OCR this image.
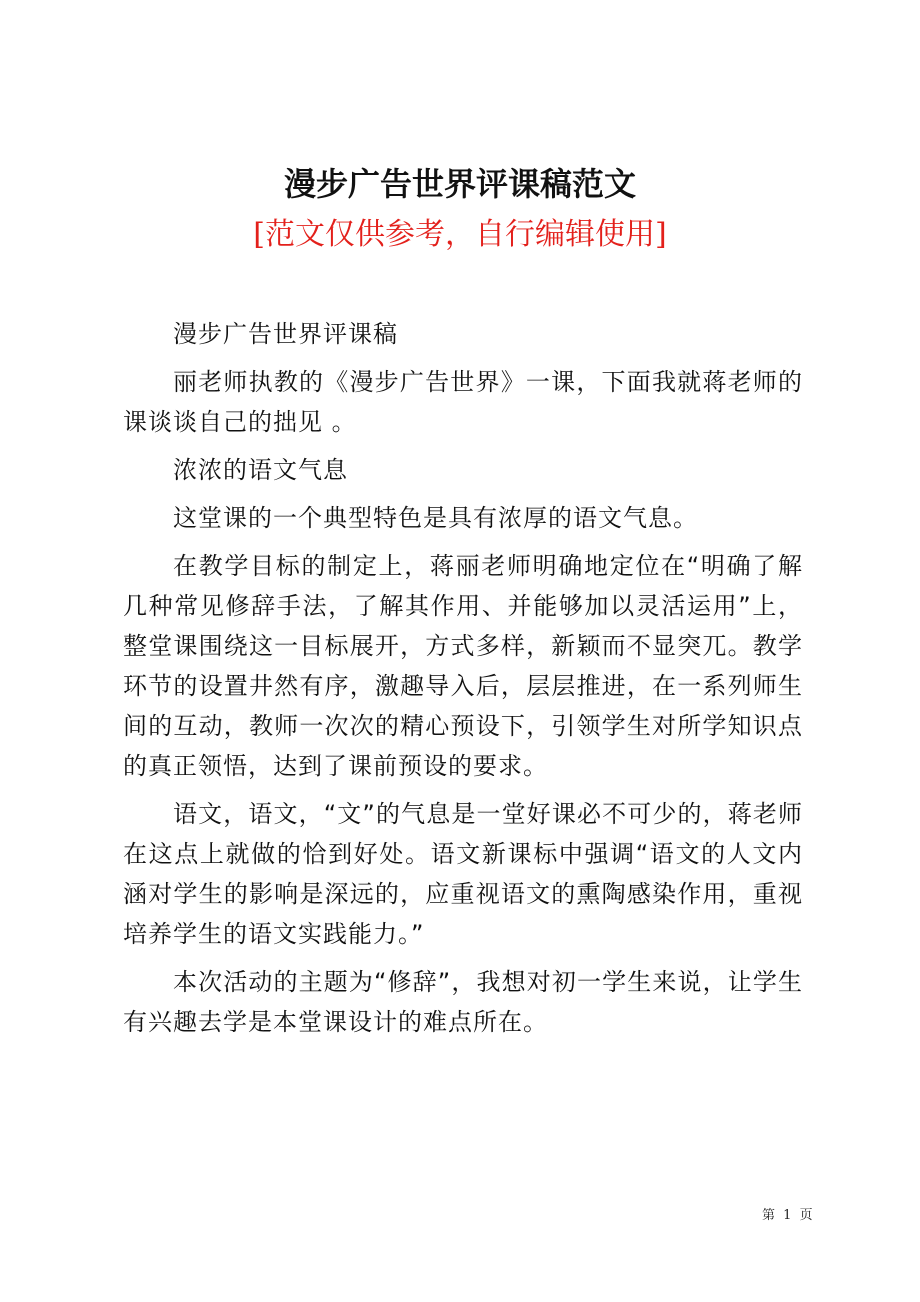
漫步广告世界评课稿范文
[范文仅供参考，自行编辑使用]

漫步广告世界评课稿

丽老师执教的《漫步广告世界》一课，下面我就蒋老师的课谈谈自己的拙见 。

浓浓的语文气息

这堂课的一个典型特色是具有浓厚的语文气息。

在教学目标的制定上，蒋丽老师明确地定位在“明确了解几种常见修辞手法，了解其作用、并能够加以灵活运用”上，整堂课围绕这一目标展开，方式多样，新颖而不显突兀。教学环节的设置井然有序，激趣导入后，层层推进，在一系列师生间的互动，教师一次次的精心预设下，引领学生对所学知识点的真正领悟，达到了课前预设的要求。

语文，语文，“文”的气息是一堂好课必不可少的，蒋老师在这点上就做的恰到好处。语文新课标中强调“语文的人文内涵对学生的影响是深远的，应重视语文的熏陶感染作用，重视培养学生的语文实践能力。”

本次活动的主题为“修辞”，我想对初一学生来说，让学生有兴趣去学是本堂课设计的难点所在。

第 1 页
